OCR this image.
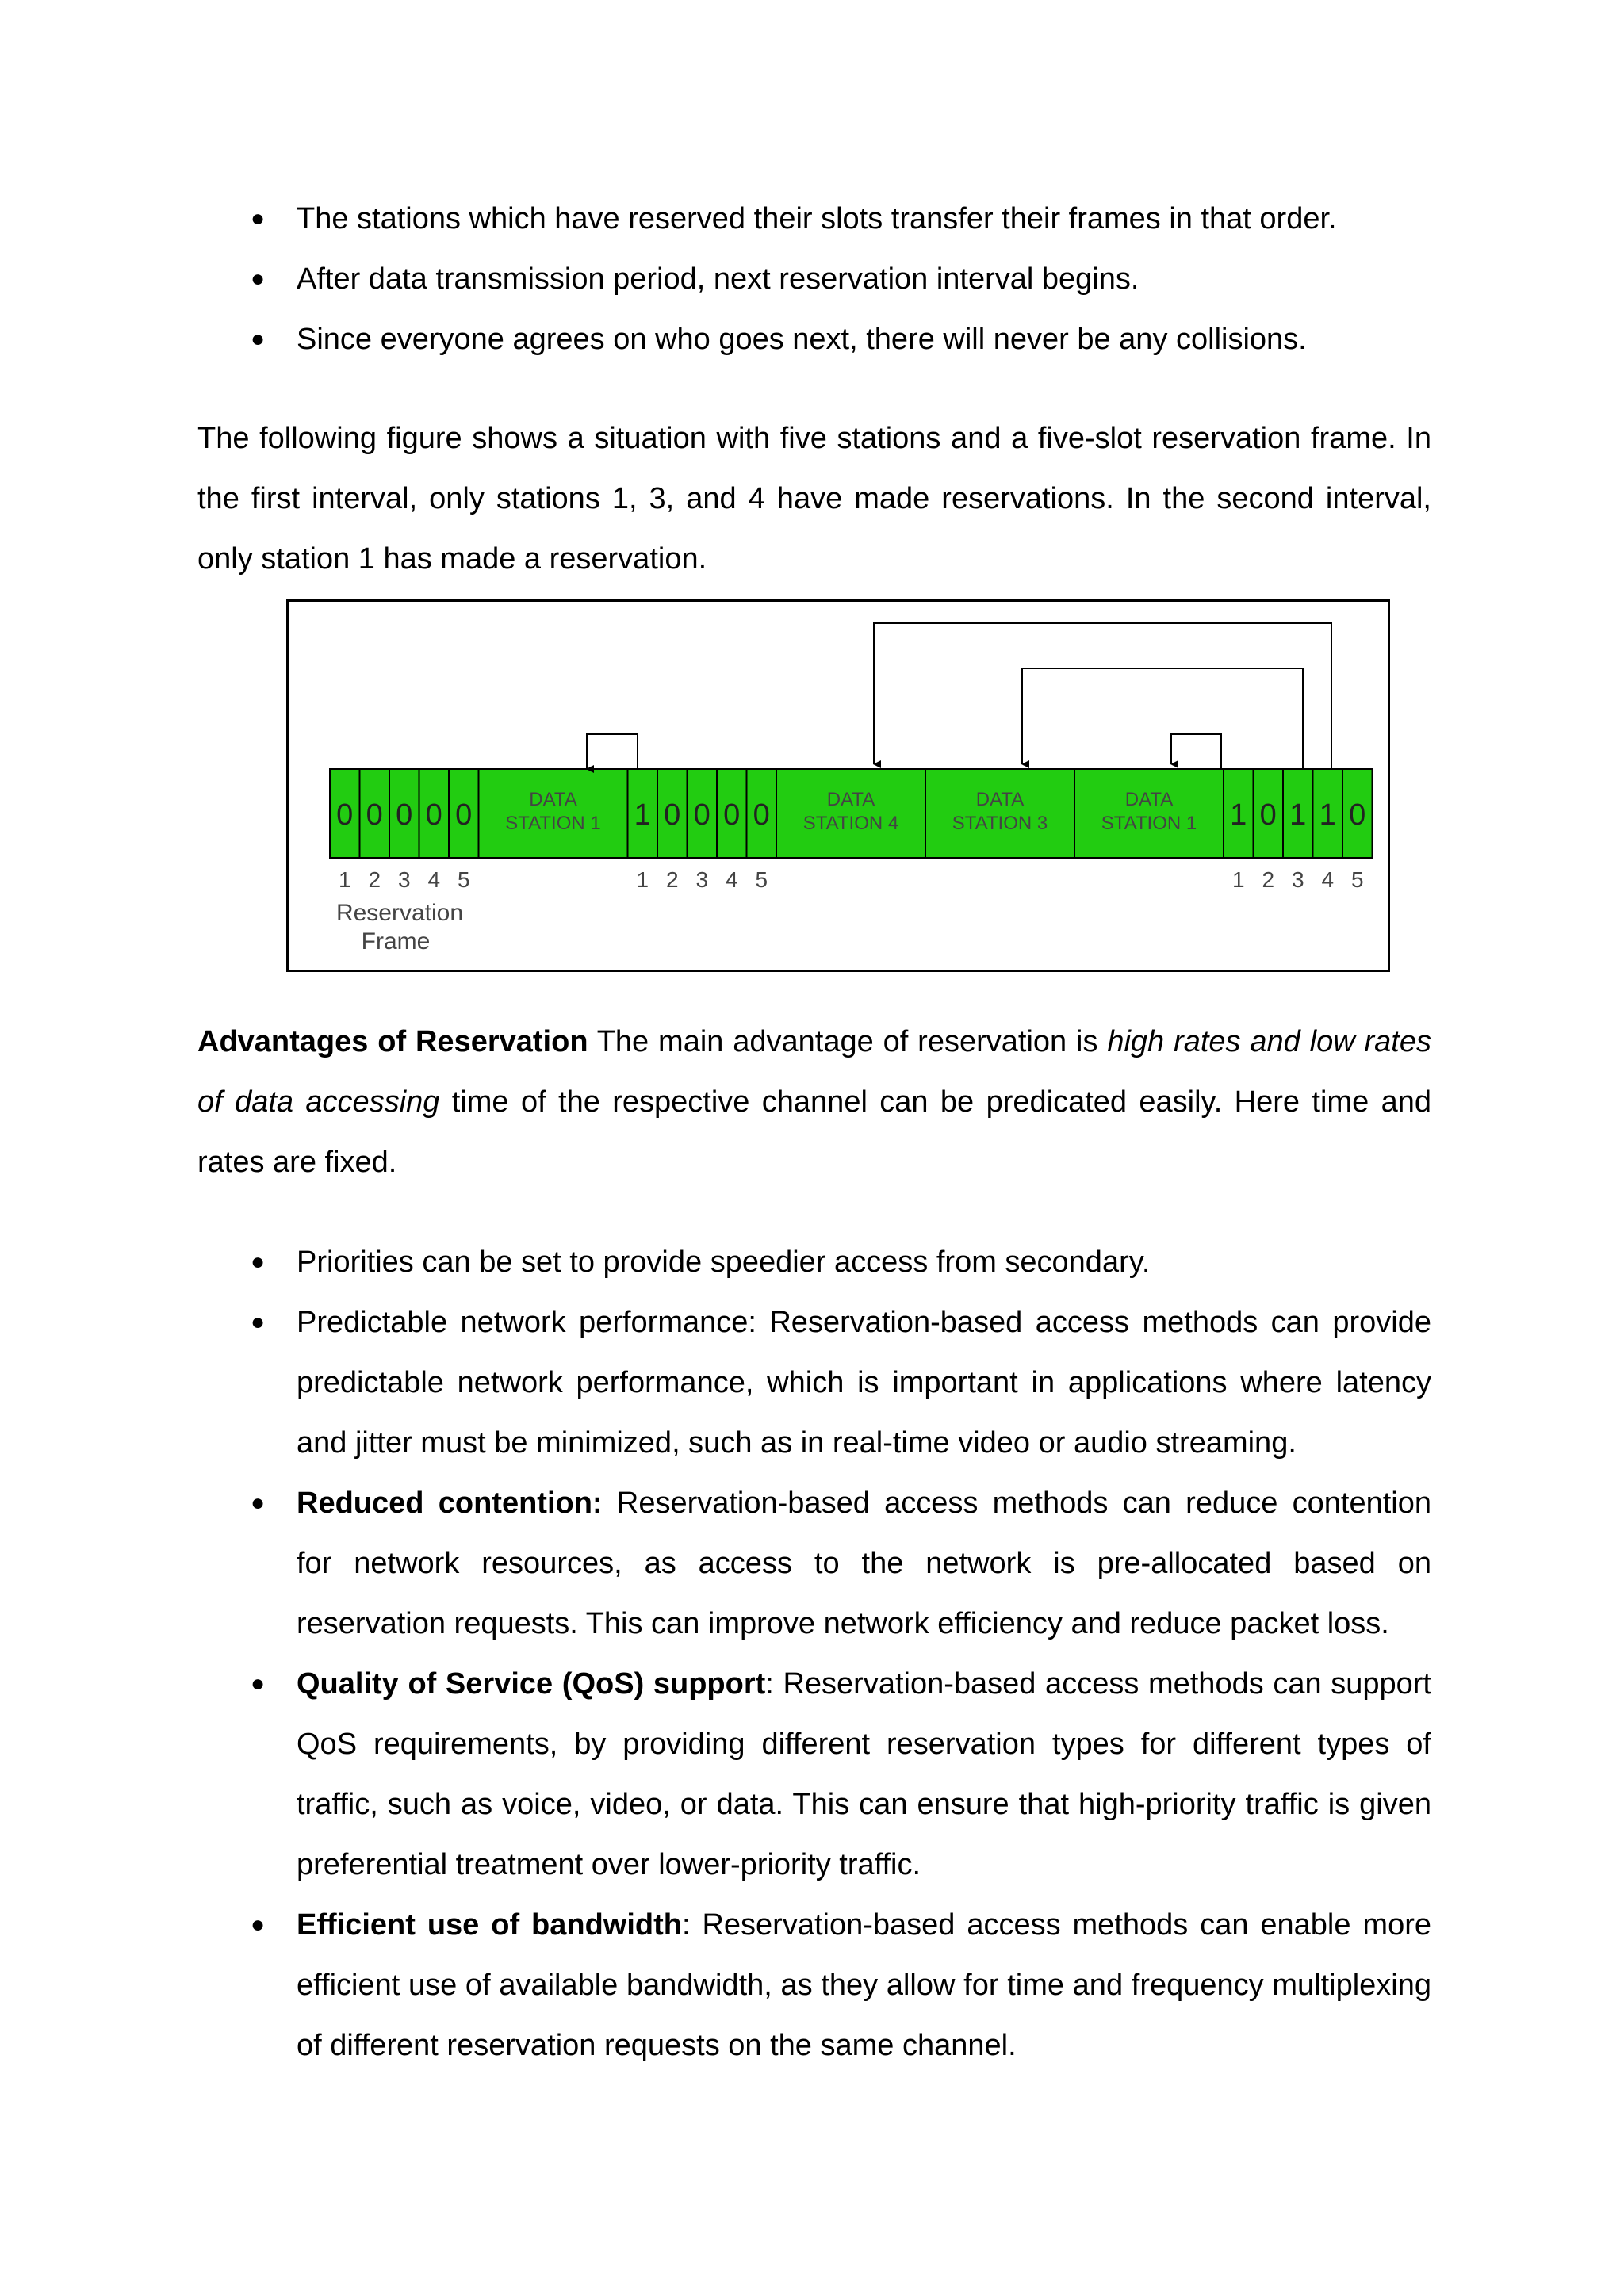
● The stations which have reserved their slots transfer their frames in that order.
● After data transmission period, next reservation interval begins.
● Since everyone agrees on who goes next, there will never be any collisions.

The following figure shows a situation with five stations and a five-slot reservation frame. In the first interval, only stations 1, 3, and 4 have made reservations. In the second interval, only station 1 has made a reservation.

0
1
0
2
0
3
0
4
0
5
DATA
STATION 1 1
1
0
2
0
3
0
4
0
5
DATA
STATION 4
DATA
STATION 3
DATA
STATION 1 1
1
0
2
1
3
1
4
0
5
Reservation
Frame

Advantages of Reservation The main advantage of reservation is high rates and low rates of data accessing time of the respective channel can be predicated easily. Here time and rates are fixed.

● Priorities can be set to provide speedier access from secondary.
● Predictable network performance: Reservation-based access methods can provide predictable network performance, which is important in applications where latency and jitter must be minimized, such as in real-time video or audio streaming.
● Reduced contention: Reservation-based access methods can reduce contention for network resources, as access to the network is pre-allocated based on reservation requests. This can improve network efficiency and reduce packet loss.
● Quality of Service (QoS) support: Reservation-based access methods can support QoS requirements, by providing different reservation types for different types of traffic, such as voice, video, or data. This can ensure that high-priority traffic is given preferential treatment over lower-priority traffic.
● Efficient use of bandwidth: Reservation-based access methods can enable more efficient use of available bandwidth, as they allow for time and frequency multiplexing of different reservation requests on the same channel.
